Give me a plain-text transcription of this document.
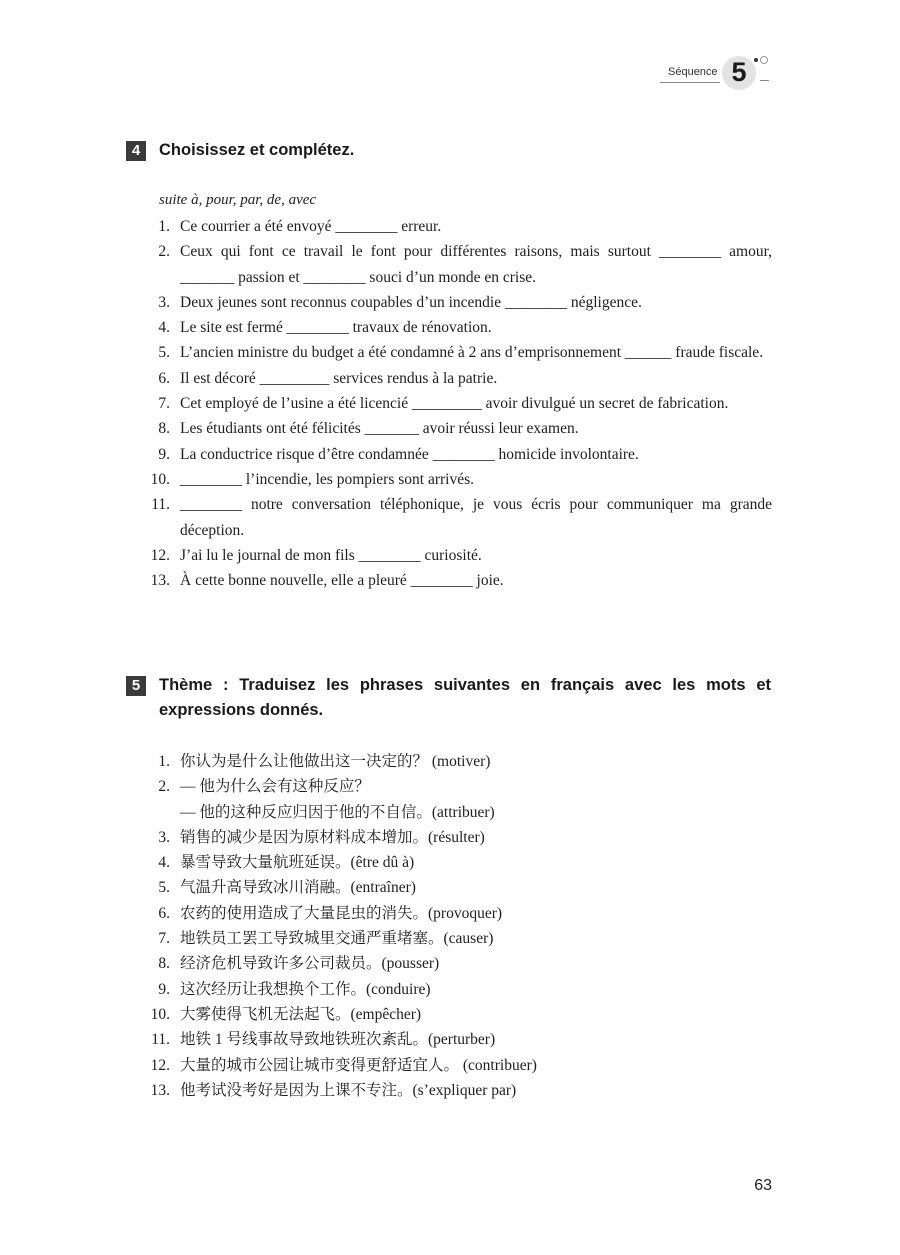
Séquence 5
4	Choisissez et complétez.
suite à, pour, par, de, avec
1. Ce courrier a été envoyé ________ erreur.
2. Ceux qui font ce travail le font pour différentes raisons, mais surtout ________ amour, _______ passion et ________ souci d’un monde en crise.
3. Deux jeunes sont reconnus coupables d’un incendie ________ négligence.
4. Le site est fermé ________ travaux de rénovation.
5. L’ancien ministre du budget a été condamné à 2 ans d’emprisonnement ______ fraude fiscale.
6. Il est décoré _________ services rendus à la patrie.
7. Cet employé de l’usine a été licencié _________ avoir divulgué un secret de fabrication.
8. Les étudiants ont été félicités _______ avoir réussi leur examen.
9. La conductrice risque d’être condamnée ________ homicide involontaire.
10. ________ l’incendie, les pompiers sont arrivés.
11. ________ notre conversation téléphonique, je vous écris pour communiquer ma grande déception.
12. J’ai lu le journal de mon fils ________ curiosité.
13. À cette bonne nouvelle, elle a pleuré ________ joie.
5	Thème : Traduisez les phrases suivantes en français avec les mots et expressions donnés.
1. 你认为是什么让他做出这一决定的？ (motiver)
2. — 他为什么会有这种反应？
— 他的这种反应归因于他的不自信。(attribuer)
3. 销售的减少是因为原材料成本增加。(résulter)
4. 暴雪导致大量航班延误。(être dû à)
5. 气温升高导致冰川消融。(entraîner)
6. 农药的使用造成了大量昆虫的消失。(provoquer)
7. 地铁员工罢工导致城里交通严重堵塞。(causer)
8. 经济危机导致许多公司裁员。(pousser)
9. 这次经历让我想换个工作。(conduire)
10. 大雾使得飞机无法起飞。(empêcher)
11. 地铁 1 号线事故导致地铁班次紊乱。(perturber)
12. 大量的城市公园让城市变得更舒适宜人。 (contribuer)
13. 他考试没考好是因为上课不专注。(s’expliquer par)
63
